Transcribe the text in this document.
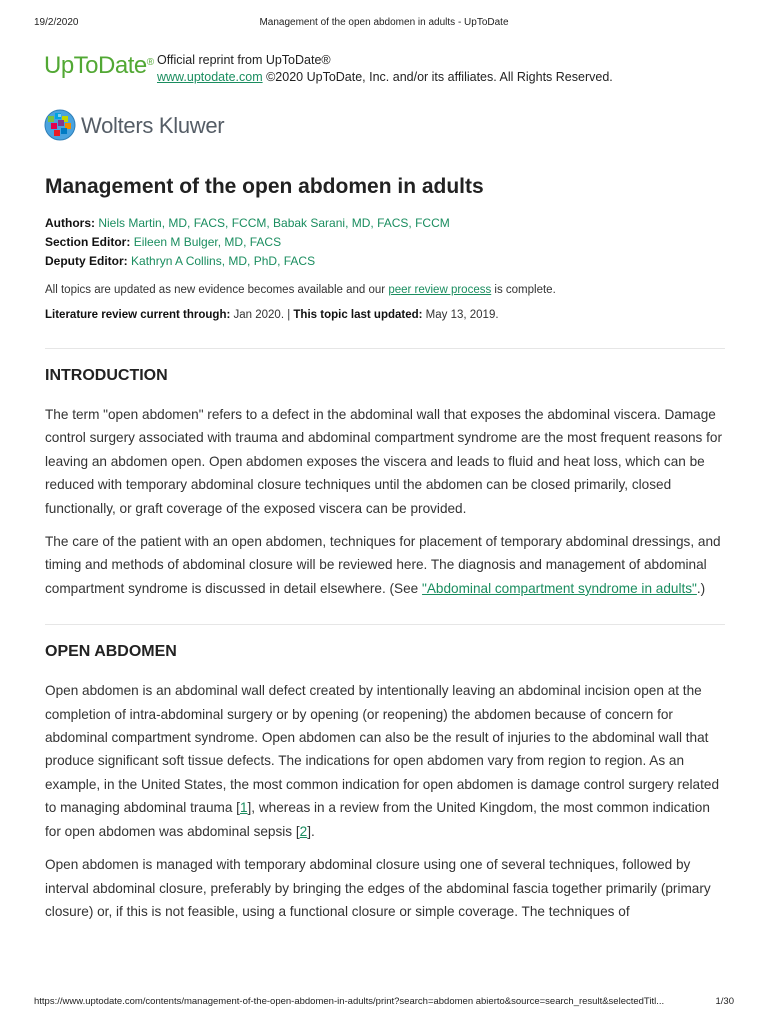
19/2/2020	Management of the open abdomen in adults - UpToDate
UpToDate® Official reprint from UpToDate®
www.uptodate.com ©2020 UpToDate, Inc. and/or its affiliates. All Rights Reserved.
Wolters Kluwer
Management of the open abdomen in adults
Authors: Niels Martin, MD, FACS, FCCM, Babak Sarani, MD, FACS, FCCM
Section Editor: Eileen M Bulger, MD, FACS
Deputy Editor: Kathryn A Collins, MD, PhD, FACS
All topics are updated as new evidence becomes available and our peer review process is complete.
Literature review current through: Jan 2020. | This topic last updated: May 13, 2019.
INTRODUCTION

The term "open abdomen" refers to a defect in the abdominal wall that exposes the abdominal viscera. Damage control surgery associated with trauma and abdominal compartment syndrome are the most frequent reasons for leaving an abdomen open. Open abdomen exposes the viscera and leads to fluid and heat loss, which can be reduced with temporary abdominal closure techniques until the abdomen can be closed primarily, closed functionally, or graft coverage of the exposed viscera can be provided.

The care of the patient with an open abdomen, techniques for placement of temporary abdominal dressings, and timing and methods of abdominal closure will be reviewed here. The diagnosis and management of abdominal compartment syndrome is discussed in detail elsewhere. (See "Abdominal compartment syndrome in adults".)

OPEN ABDOMEN

Open abdomen is an abdominal wall defect created by intentionally leaving an abdominal incision open at the completion of intra-abdominal surgery or by opening (or reopening) the abdomen because of concern for abdominal compartment syndrome. Open abdomen can also be the result of injuries to the abdominal wall that produce significant soft tissue defects. The indications for open abdomen vary from region to region. As an example, in the United States, the most common indication for open abdomen is damage control surgery related to managing abdominal trauma [1], whereas in a review from the United Kingdom, the most common indication for open abdomen was abdominal sepsis [2].

Open abdomen is managed with temporary abdominal closure using one of several techniques, followed by interval abdominal closure, preferably by bringing the edges of the abdominal fascia together primarily (primary closure) or, if this is not feasible, using a functional closure or simple coverage. The techniques of

https://www.uptodate.com/contents/management-of-the-open-abdomen-in-adults/print?search=abdomen abierto&source=search_result&selectedTitl...	1/30
